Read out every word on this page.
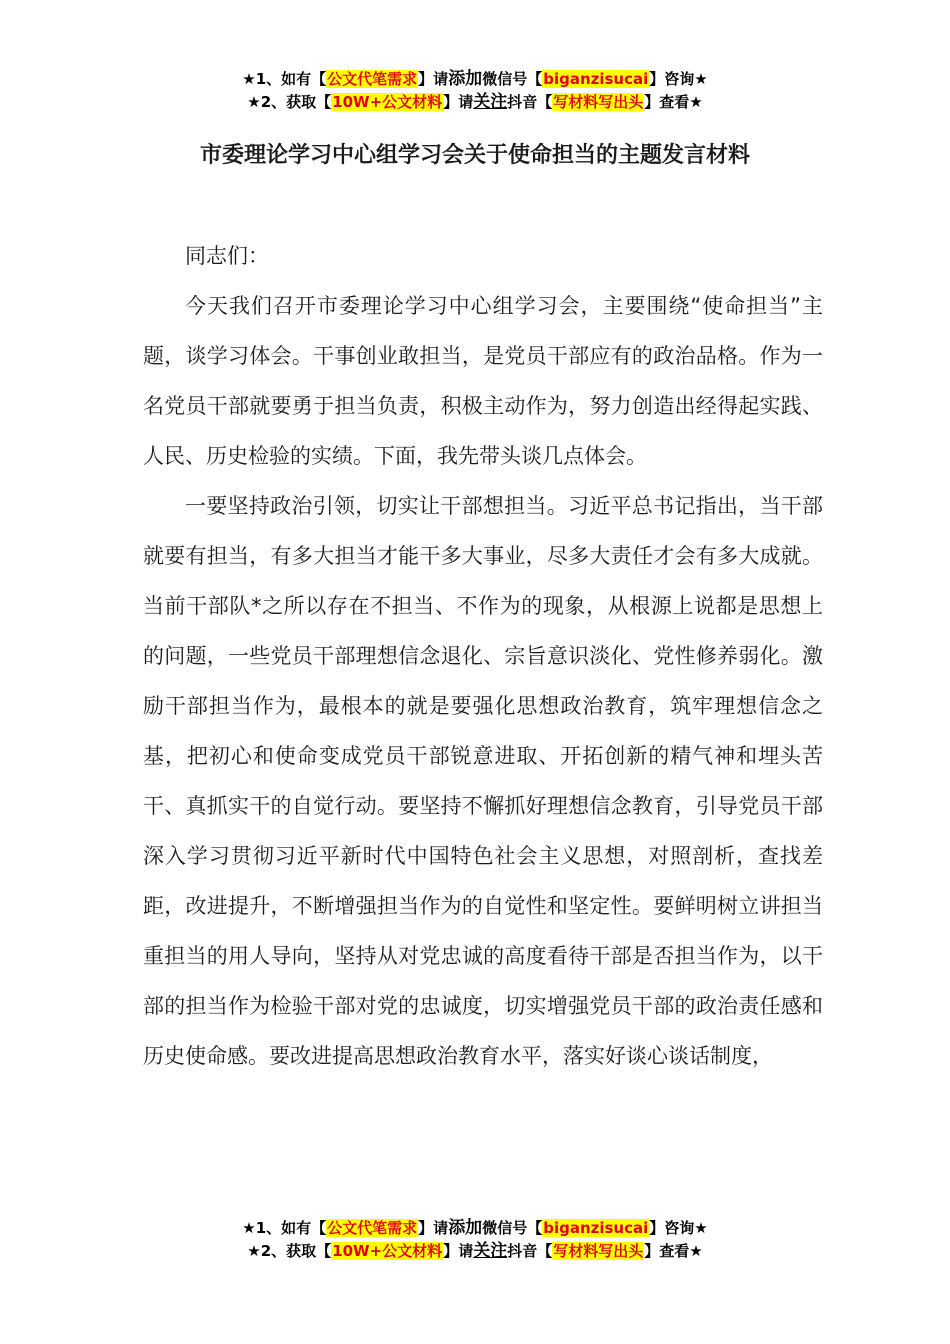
★1、如有【公文代笔需求】请添加微信号【biganzisucai】咨询★
★2、获取【10W+公文材料】请关注抖音【写材料写出头】查看★
市委理论学习中心组学习会关于使命担当的主题发言材料

同志们：

今天我们召开市委理论学习中心组学习会，主要围绕“使命担当”主题，谈学习体会。干事创业敢担当，是党员干部应有的政治品格。作为一名党员干部就要勇于担当负责，积极主动作为，努力创造出经得起实践、人民、历史检验的实绩。下面，我先带头谈几点体会。

一要坚持政治引领，切实让干部想担当。习近平总书记指出，当干部就要有担当，有多大担当才能干多大事业，尽多大责任才会有多大成就。当前干部队*之所以存在不担当、不作为的现象，从根源上说都是思想上的问题，一些党员干部理想信念退化、宗旨意识淡化、党性修养弱化。激励干部担当作为，最根本的就是要强化思想政治教育，筑牢理想信念之基，把初心和使命变成党员干部锐意进取、开拓创新的精气神和埋头苦干、真抓实干的自觉行动。要坚持不懈抓好理想信念教育，引导党员干部深入学习贯彻习近平新时代中国特色社会主义思想，对照剖析，查找差距，改进提升，不断增强担当作为的自觉性和坚定性。要鲜明树立讲担当重担当的用人导向，坚持从对党忠诚的高度看待干部是否担当作为，以干部的担当作为检验干部对党的忠诚度，切实增强党员干部的政治责任感和历史使命感。要改进提高思想政治教育水平，落实好谈心谈话制度，

★1、如有【公文代笔需求】请添加微信号【biganzisucai】咨询★
★2、获取【10W+公文材料】请关注抖音【写材料写出头】查看★
